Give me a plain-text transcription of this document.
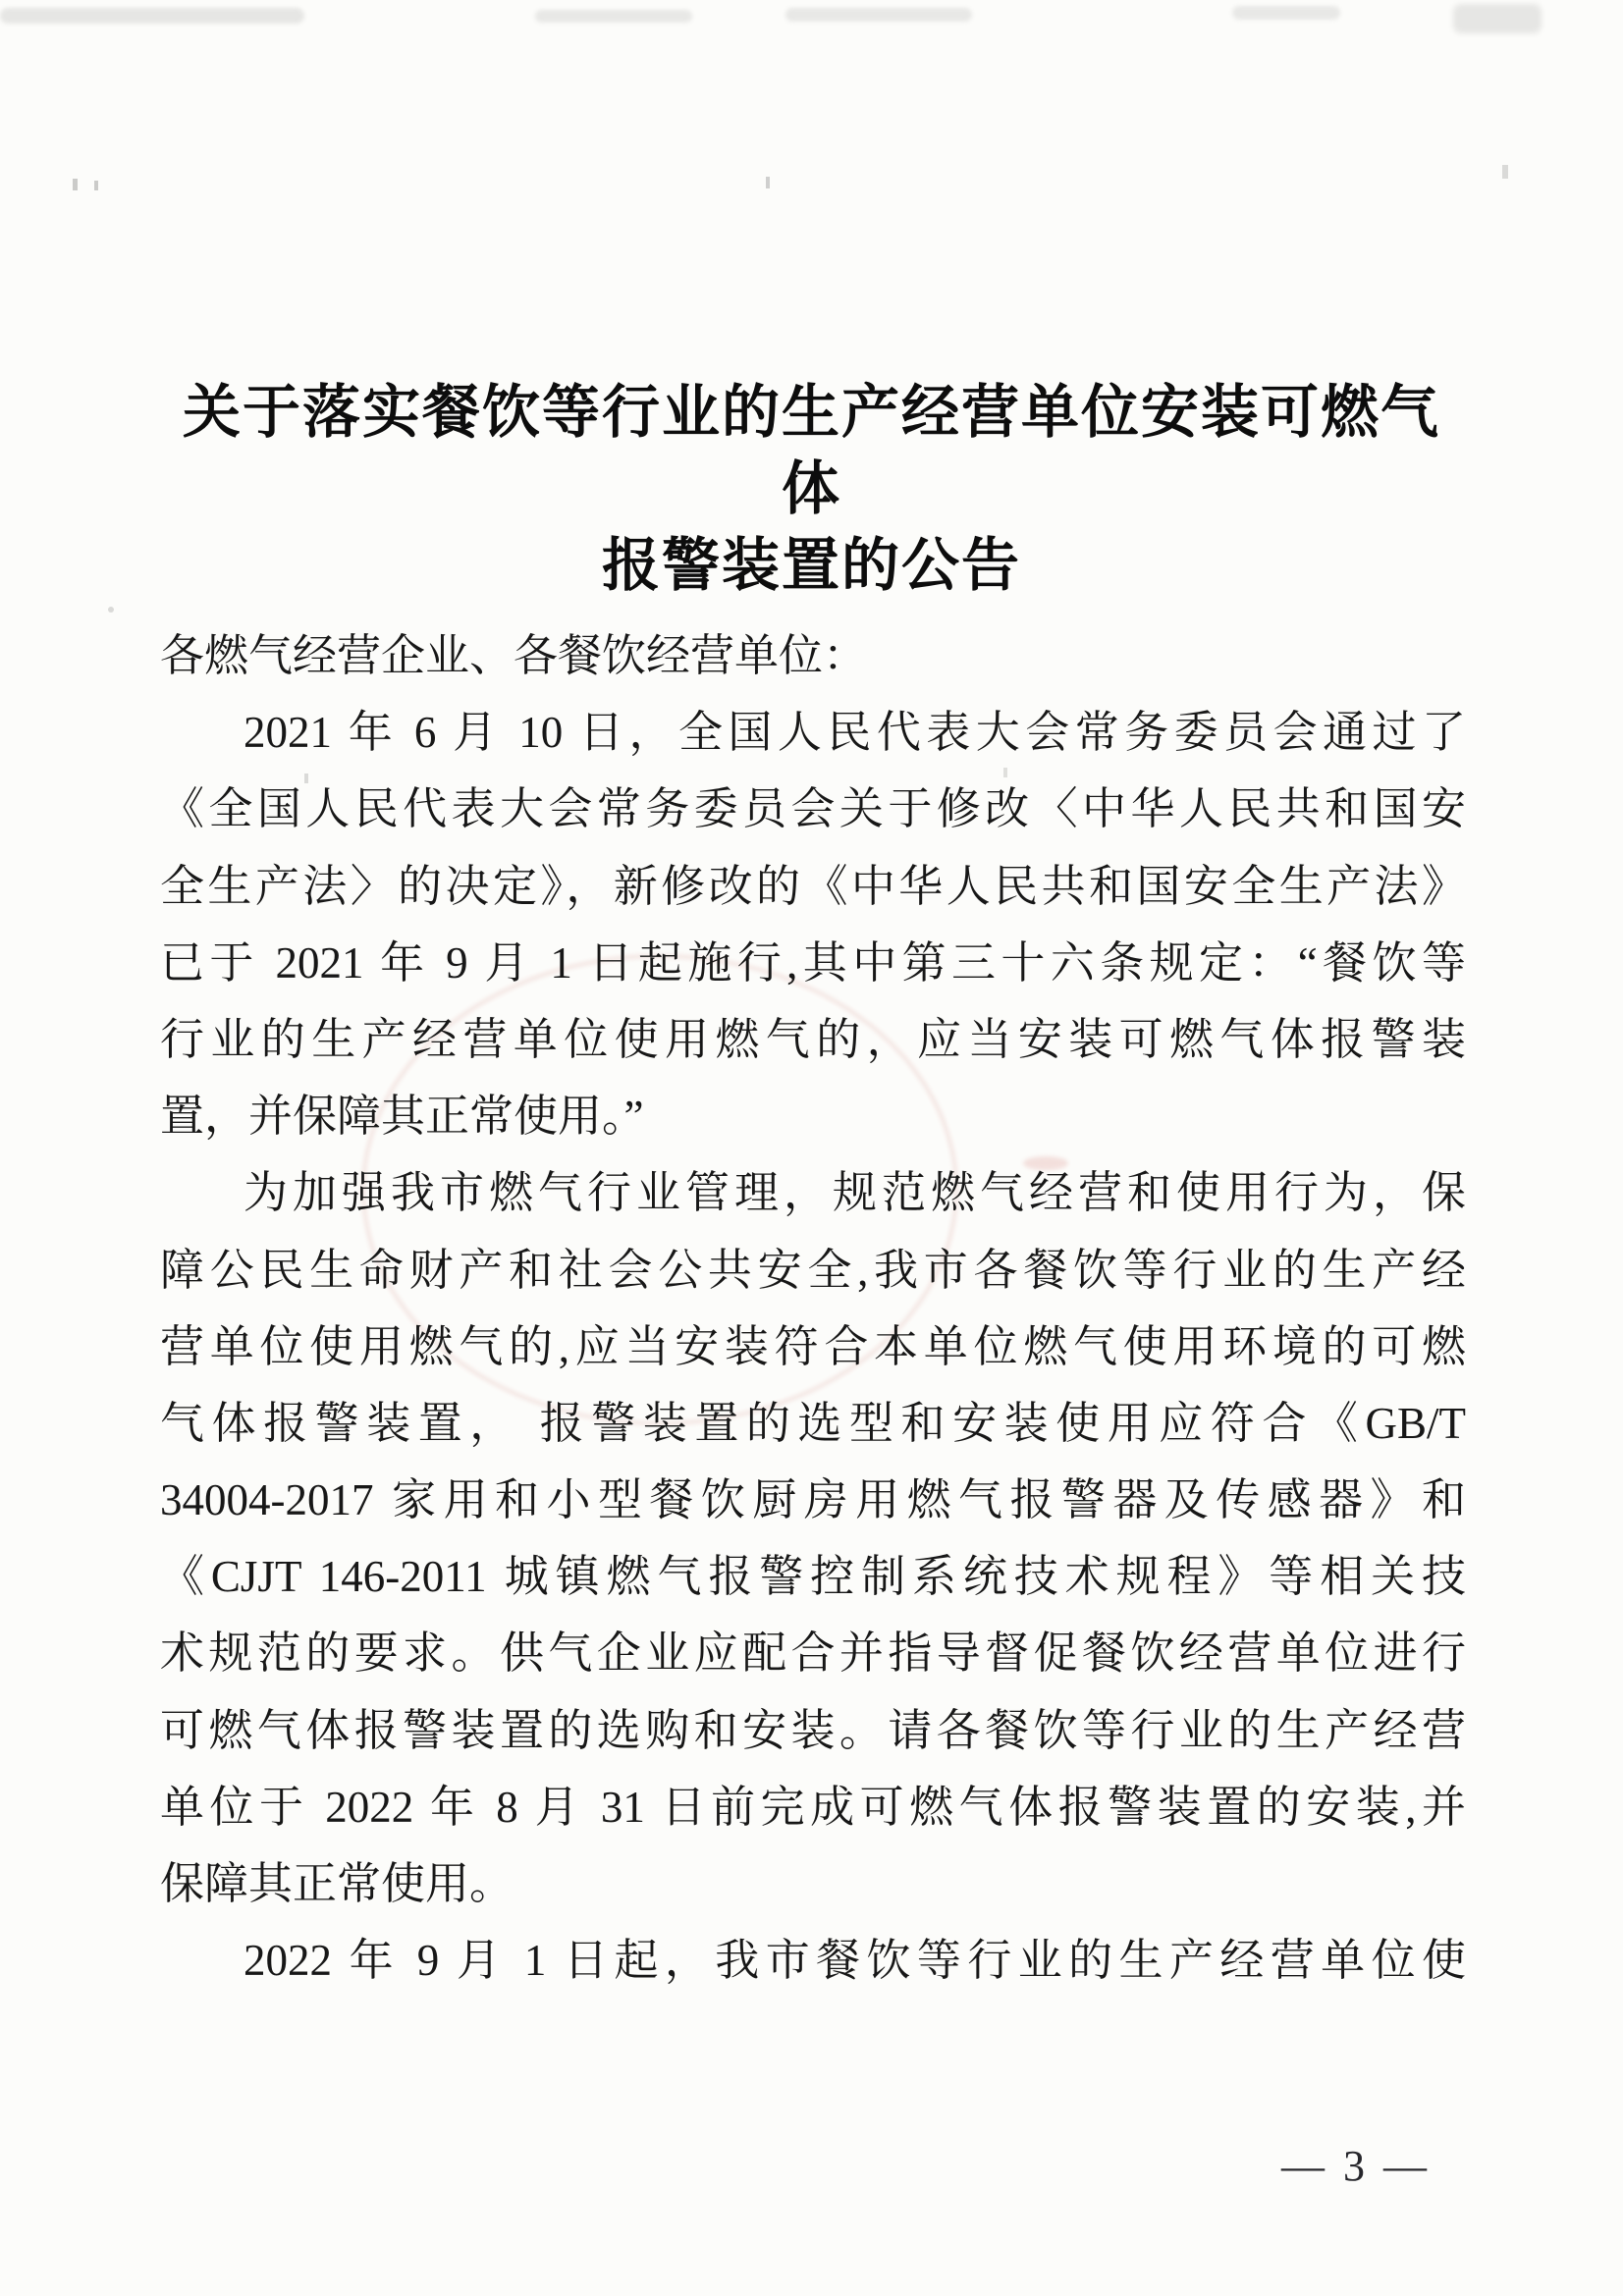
关于落实餐饮等行业的生产经营单位安装可燃气体
报警装置的公告
各燃气经营企业、各餐饮经营单位：
2021 年 6 月 10 日，全国人民代表大会常务委员会通过了
《全国人民代表大会常务委员会关于修改〈中华人民共和国安
全生产法〉的决定》，新修改的《中华人民共和国安全生产法》
已于 2021 年 9 月 1 日起施行,其中第三十六条规定：“餐饮等
行业的生产经营单位使用燃气的，应当安装可燃气体报警装
置，并保障其正常使用。”
为加强我市燃气行业管理，规范燃气经营和使用行为，保
障公民生命财产和社会公共安全,我市各餐饮等行业的生产经
营单位使用燃气的,应当安装符合本单位燃气使用环境的可燃
气体报警装置， 报警装置的选型和安装使用应符合《GB/T
34004-2017 家用和小型餐饮厨房用燃气报警器及传感器》和
《CJJT 146-2011 城镇燃气报警控制系统技术规程》等相关技
术规范的要求。供气企业应配合并指导督促餐饮经营单位进行
可燃气体报警装置的选购和安装。请各餐饮等行业的生产经营
单位于 2022 年 8 月 31 日前完成可燃气体报警装置的安装,并
保障其正常使用。
2022 年 9 月 1 日起，我市餐饮等行业的生产经营单位使
— 3 —
